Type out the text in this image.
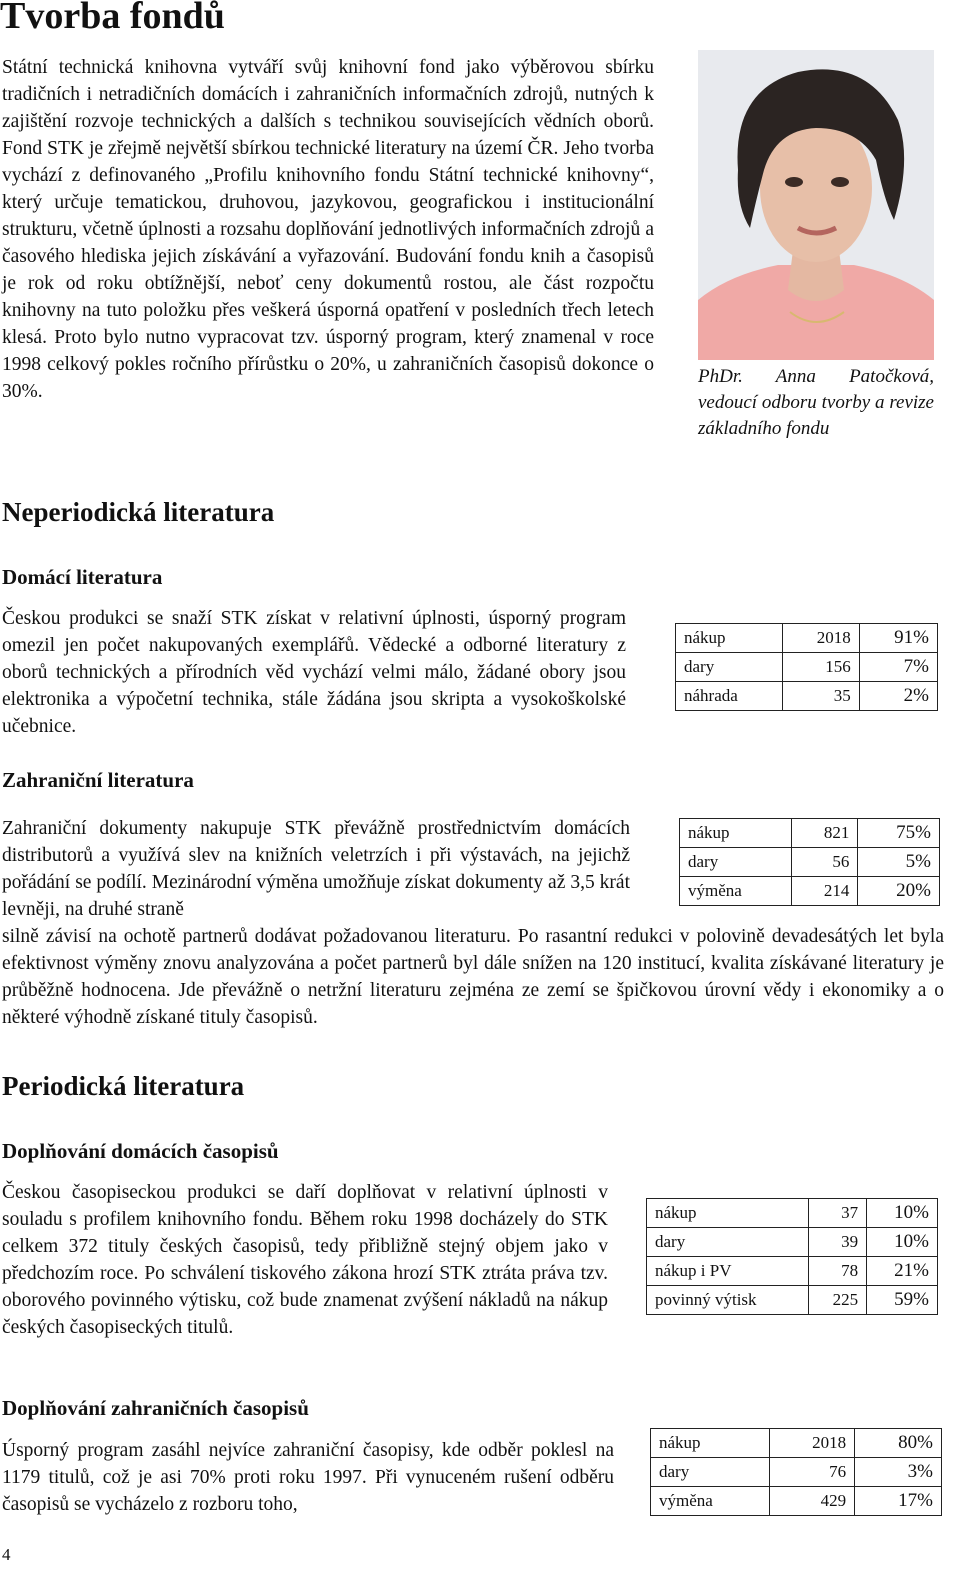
Tvorba fondů

Státní technická knihovna vytváří svůj knihovní fond jako výběrovou sbírku tradičních i netradičních domácích i zahraničních informačních zdrojů, nutných k zajištění rozvoje technických a dalších s technikou souvisejících vědních oborů. Fond STK je zřejmě největší sbírkou technické literatury na území ČR. Jeho tvorba vychází z definovaného „Profilu knihovního fondu Státní technické knihovny“, který určuje tematickou, druhovou, jazykovou, geografickou i institucionální strukturu, včetně úplnosti a rozsahu doplňování jednotlivých informačních zdrojů a časového hlediska jejich získávání a vyřazování. Budování fondu knih a časopisů je rok od roku obtížnější, neboť ceny dokumentů rostou, ale část rozpočtu knihovny na tuto položku přes veškerá úsporná opatření v posledních třech letech klesá. Proto bylo nutno vypracovat tzv. úsporný program, který znamenal v roce 1998 celkový pokles ročního přírůstku o 20%, u zahraničních časopisů dokonce o 30%.

PhDr. Anna Patočková, vedoucí odboru tvorby a revize základního fondu
Neperiodická literatura
Domácí literatura

Českou produkci se snaží STK získat v relativní úplnosti, úsporný program omezil jen počet nakupovaných exemplářů. Vědecké a odborné literatury z oborů technických a přírodních věd vychází velmi málo, žádané obory jsou elektronika a výpočetní technika, stále žádána jsou skripta a vysokoškolské učebnice.

nákup	2018	91%
dary	156	7%
náhrada	35	2%
Zahraniční literatura

Zahraniční dokumenty nakupuje STK převážně prostřednictvím domácích distributorů a využívá slev na knižních veletrzích i při výstavách, na jejichž pořádání se podílí. Mezinárodní výměna umožňuje získat dokumenty až 3,5 krát levněji, na druhé straně

nákup	821	75%
dary	56	5%
výměna	214	20%

silně závisí na ochotě partnerů dodávat požadovanou literaturu. Po rasantní redukci v polovině devadesátých let byla efektivnost výměny znovu analyzována a počet partnerů byl dále snížen na 120 institucí, kvalita získávané literatury je průběžně hodnocena. Jde převážně o netržní literaturu zejména ze zemí se špičkovou úrovní vědy i ekonomiky a o některé výhodně získané tituly časopisů.

Periodická literatura
Doplňování domácích časopisů

Českou časopiseckou produkci se daří doplňovat v relativní úplnosti v souladu s profilem knihovního fondu. Během roku 1998 docházely do STK celkem 372 tituly českých časopisů, tedy přibližně stejný objem jako v předchozím roce. Po schválení tiskového zákona hrozí STK ztráta práva tzv. oborového povinného výtisku, což bude znamenat zvýšení nákladů na nákup českých časopiseckých titulů.

nákup	37	10%
dary	39	10%
nákup i PV	78	21%
povinný výtisk	225	59%
Doplňování zahraničních časopisů

Úsporný program zasáhl nejvíce zahraniční časopisy, kde odběr poklesl na 1179 titulů, což je asi 70% proti roku 1997. Při vynuceném rušení odběru časopisů se vycházelo z rozboru toho,

nákup	2018	80%
dary	76	3%
výměna	429	17%
4
